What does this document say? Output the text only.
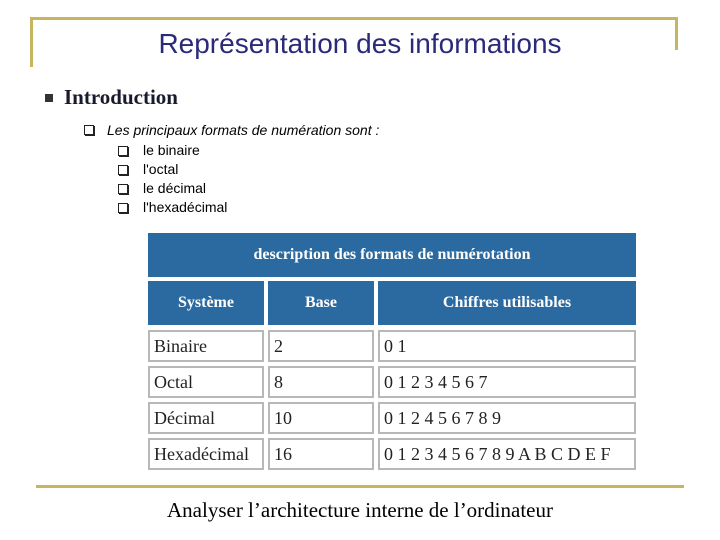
Représentation des informations
Introduction
Les principaux formats de numération sont :
le binaire
l'octal
le décimal
l'hexadécimal
description des formats de numérotation
Système	Base	Chiffres utilisables
Binaire	2	0 1
Octal	8	0 1 2 3 4 5 6 7
Décimal	10	0 1 2 4 5 6 7 8 9
Hexadécimal	16	0 1 2 3 4 5 6 7 8 9 A B C D E F
Analyser l’architecture interne de l’ordinateur
